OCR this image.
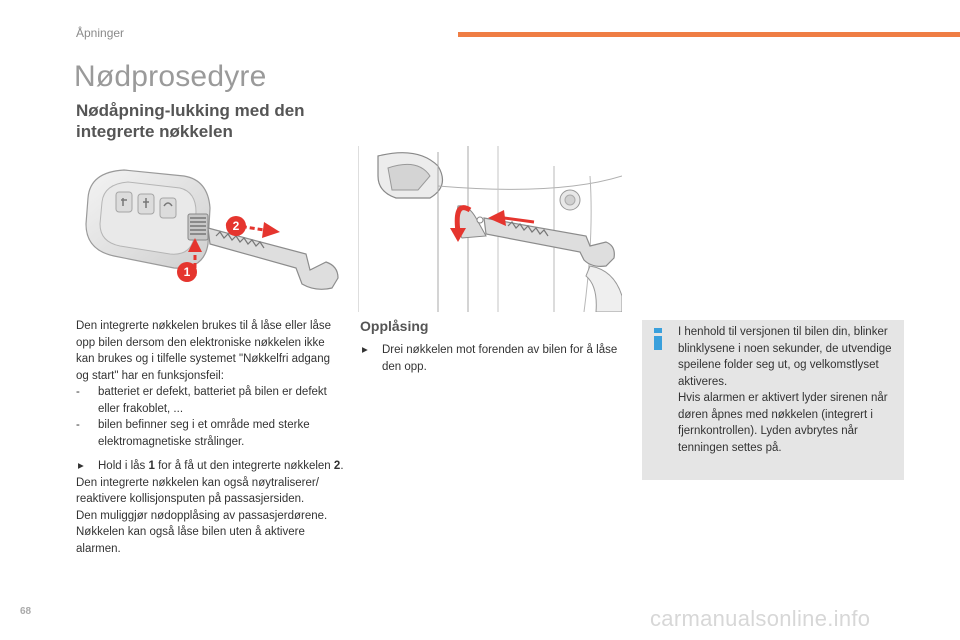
Åpninger
Nødprosedyre
Nødåpning-lukking med den integrerte nøkkelen
2
1
Den integrerte nøkkelen brukes til å låse eller låse opp bilen dersom den elektroniske nøkkelen ikke kan brukes og i tilfelle systemet "Nøkkelfri adgang og start" har en funksjonsfeil:
- batteriet er defekt, batteriet på bilen er defekt eller frakoblet, ...
- bilen befinner seg i et område med sterke elektromagnetiske strålinger.
▸ Hold i lås 1 for å få ut den integrerte nøkkelen 2.
Den integrerte nøkkelen kan også nøytraliserer/ reaktivere kollisjonsputen på passasjersiden.
Den muliggjør nødopplåsing av passasjerdørene.
Nøkkelen kan også låse bilen uten å aktivere alarmen.
Opplåsing
▸ Drei nøkkelen mot forenden av bilen for å låse den opp.
I henhold til versjonen til bilen din, blinker blinklysene i noen sekunder, de utvendige speilene folder seg ut, og velkomstlyset aktiveres.
Hvis alarmen er aktivert lyder sirenen når døren åpnes med nøkkelen (integrert i fjernkontrollen). Lyden avbrytes når tenningen settes på.
68	carmanualsonline.info
